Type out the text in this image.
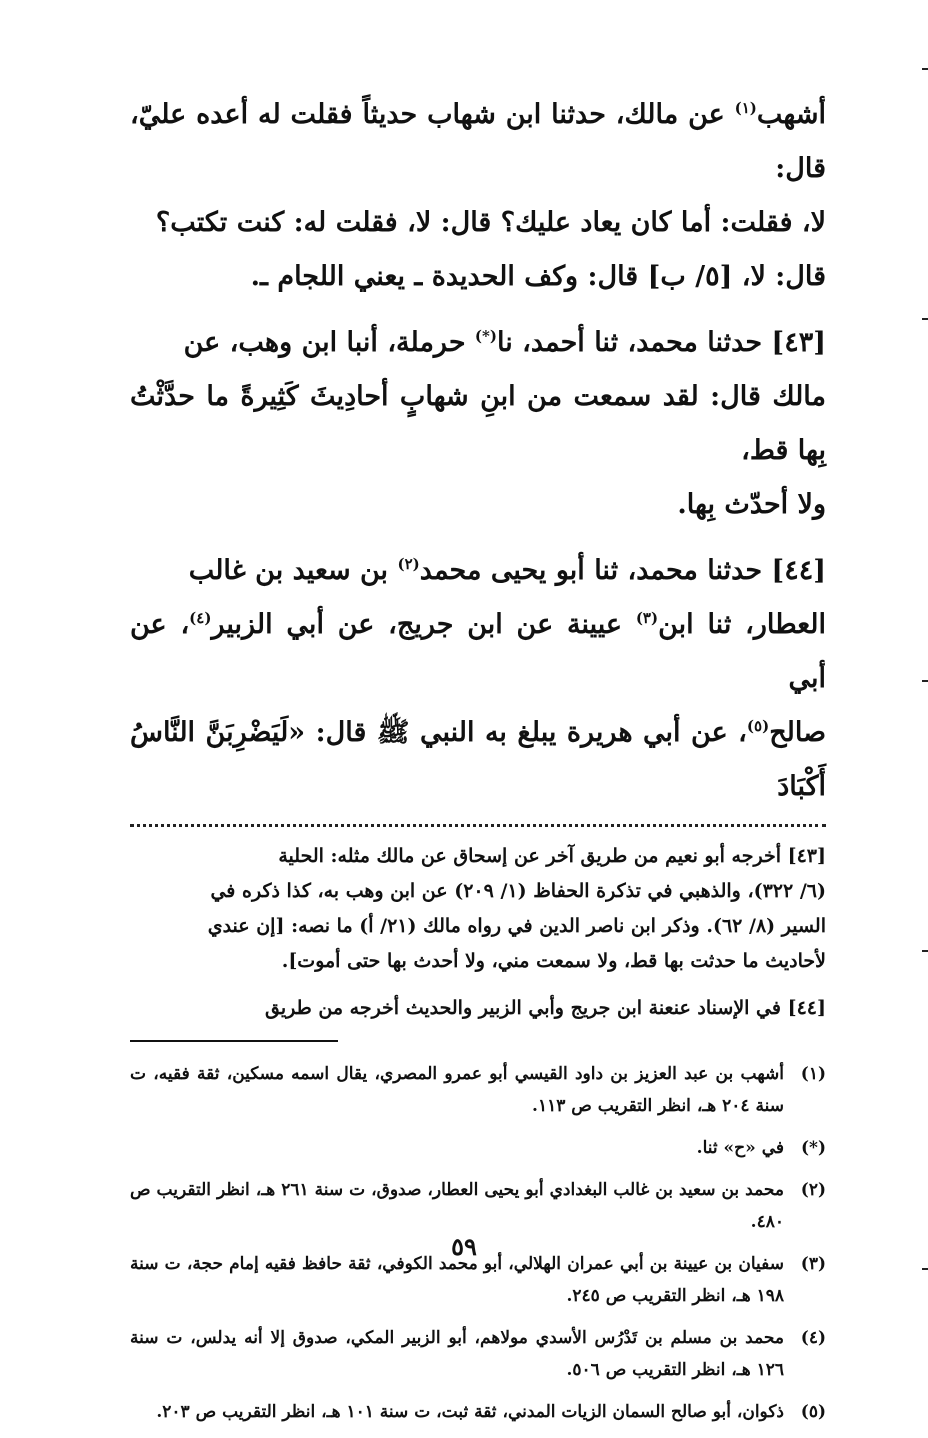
أشهب$^{(١)}$ عن مالك، حدثنا ابن شهاب حديثاً فقلت له أعده عليّ، قال:
لا، فقلت: أما كان يعاد عليك؟ قال: لا، فقلت له: كنت تكتب؟
قال: لا، [٥/ ب] قال: وكف الحديدة ـ يعني اللجام ـ.

[٤٣] حدثنا محمد، ثنا أحمد، نا(*) حرملة، أنبا ابن وهب، عن
مالك قال: لقد سمعت من ابنِ شهابٍ أحادِيثَ كَثِيرةً ما حدَّثْتُ بِها قط،
ولا أحدّث بِها.

[٤٤] حدثنا محمد، ثنا أبو يحيى محمد$^{(٢)}$ بن سعيد بن غالب
العطار، ثنا ابن$^{(٣)}$ عيينة عن ابن جريج، عن أبي الزبير$^{(٤)}$، عن أبي
صالح$^{(٥)}$، عن أبي هريرة يبلغ به النبي ﷺ قال: «لَيَضْرِبَنَّ النَّاسُ أَكْبَادَ

[٤٣] أخرجه أبو نعيم من طريق آخر عن إسحاق عن مالك مثله: الحلية
(٦/ ٣٢٢)، والذهبي في تذكرة الحفاظ (١/ ٢٠٩) عن ابن وهب به، كذا ذكره في
السير (٨/ ٦٢). وذكر ابن ناصر الدين في رواه مالك (٢١/ أ) ما نصه: [إن عندي
لأحاديث ما حدثت بها قط، ولا سمعت مني، ولا أحدث بها حتى أموت].

[٤٤] في الإسناد عنعنة ابن جريج وأبي الزبير والحديث أخرجه من طريق

(١)
أشهب بن عبد العزيز بن داود القيسي أبو عمرو المصري، يقال اسمه مسكين، ثقة فقيه، ت سنة ٢٠٤ هـ، انظر التقريب ص ١١٣.
(*)
في «ح» ثنا.
(٢)
محمد بن سعيد بن غالب البغدادي أبو يحيى العطار، صدوق، ت سنة ٢٦١ هـ، انظر التقريب ص ٤٨٠.
(٣)
سفيان بن عيينة بن أبي عمران الهلالي، أبو محمد الكوفي، ثقة حافظ فقيه إمام حجة، ت سنة ١٩٨ هـ، انظر التقريب ص ٢٤٥.
(٤)
محمد بن مسلم بن تَدْرُس الأسدي مولاهم، أبو الزبير المكي، صدوق إلا أنه يدلس، ت سنة ١٢٦ هـ، انظر التقريب ص ٥٠٦.
(٥)
ذكوان، أبو صالح السمان الزيات المدني، ثقة ثبت، ت سنة ١٠١ هـ، انظر التقريب ص ٢٠٣.
٥٩
